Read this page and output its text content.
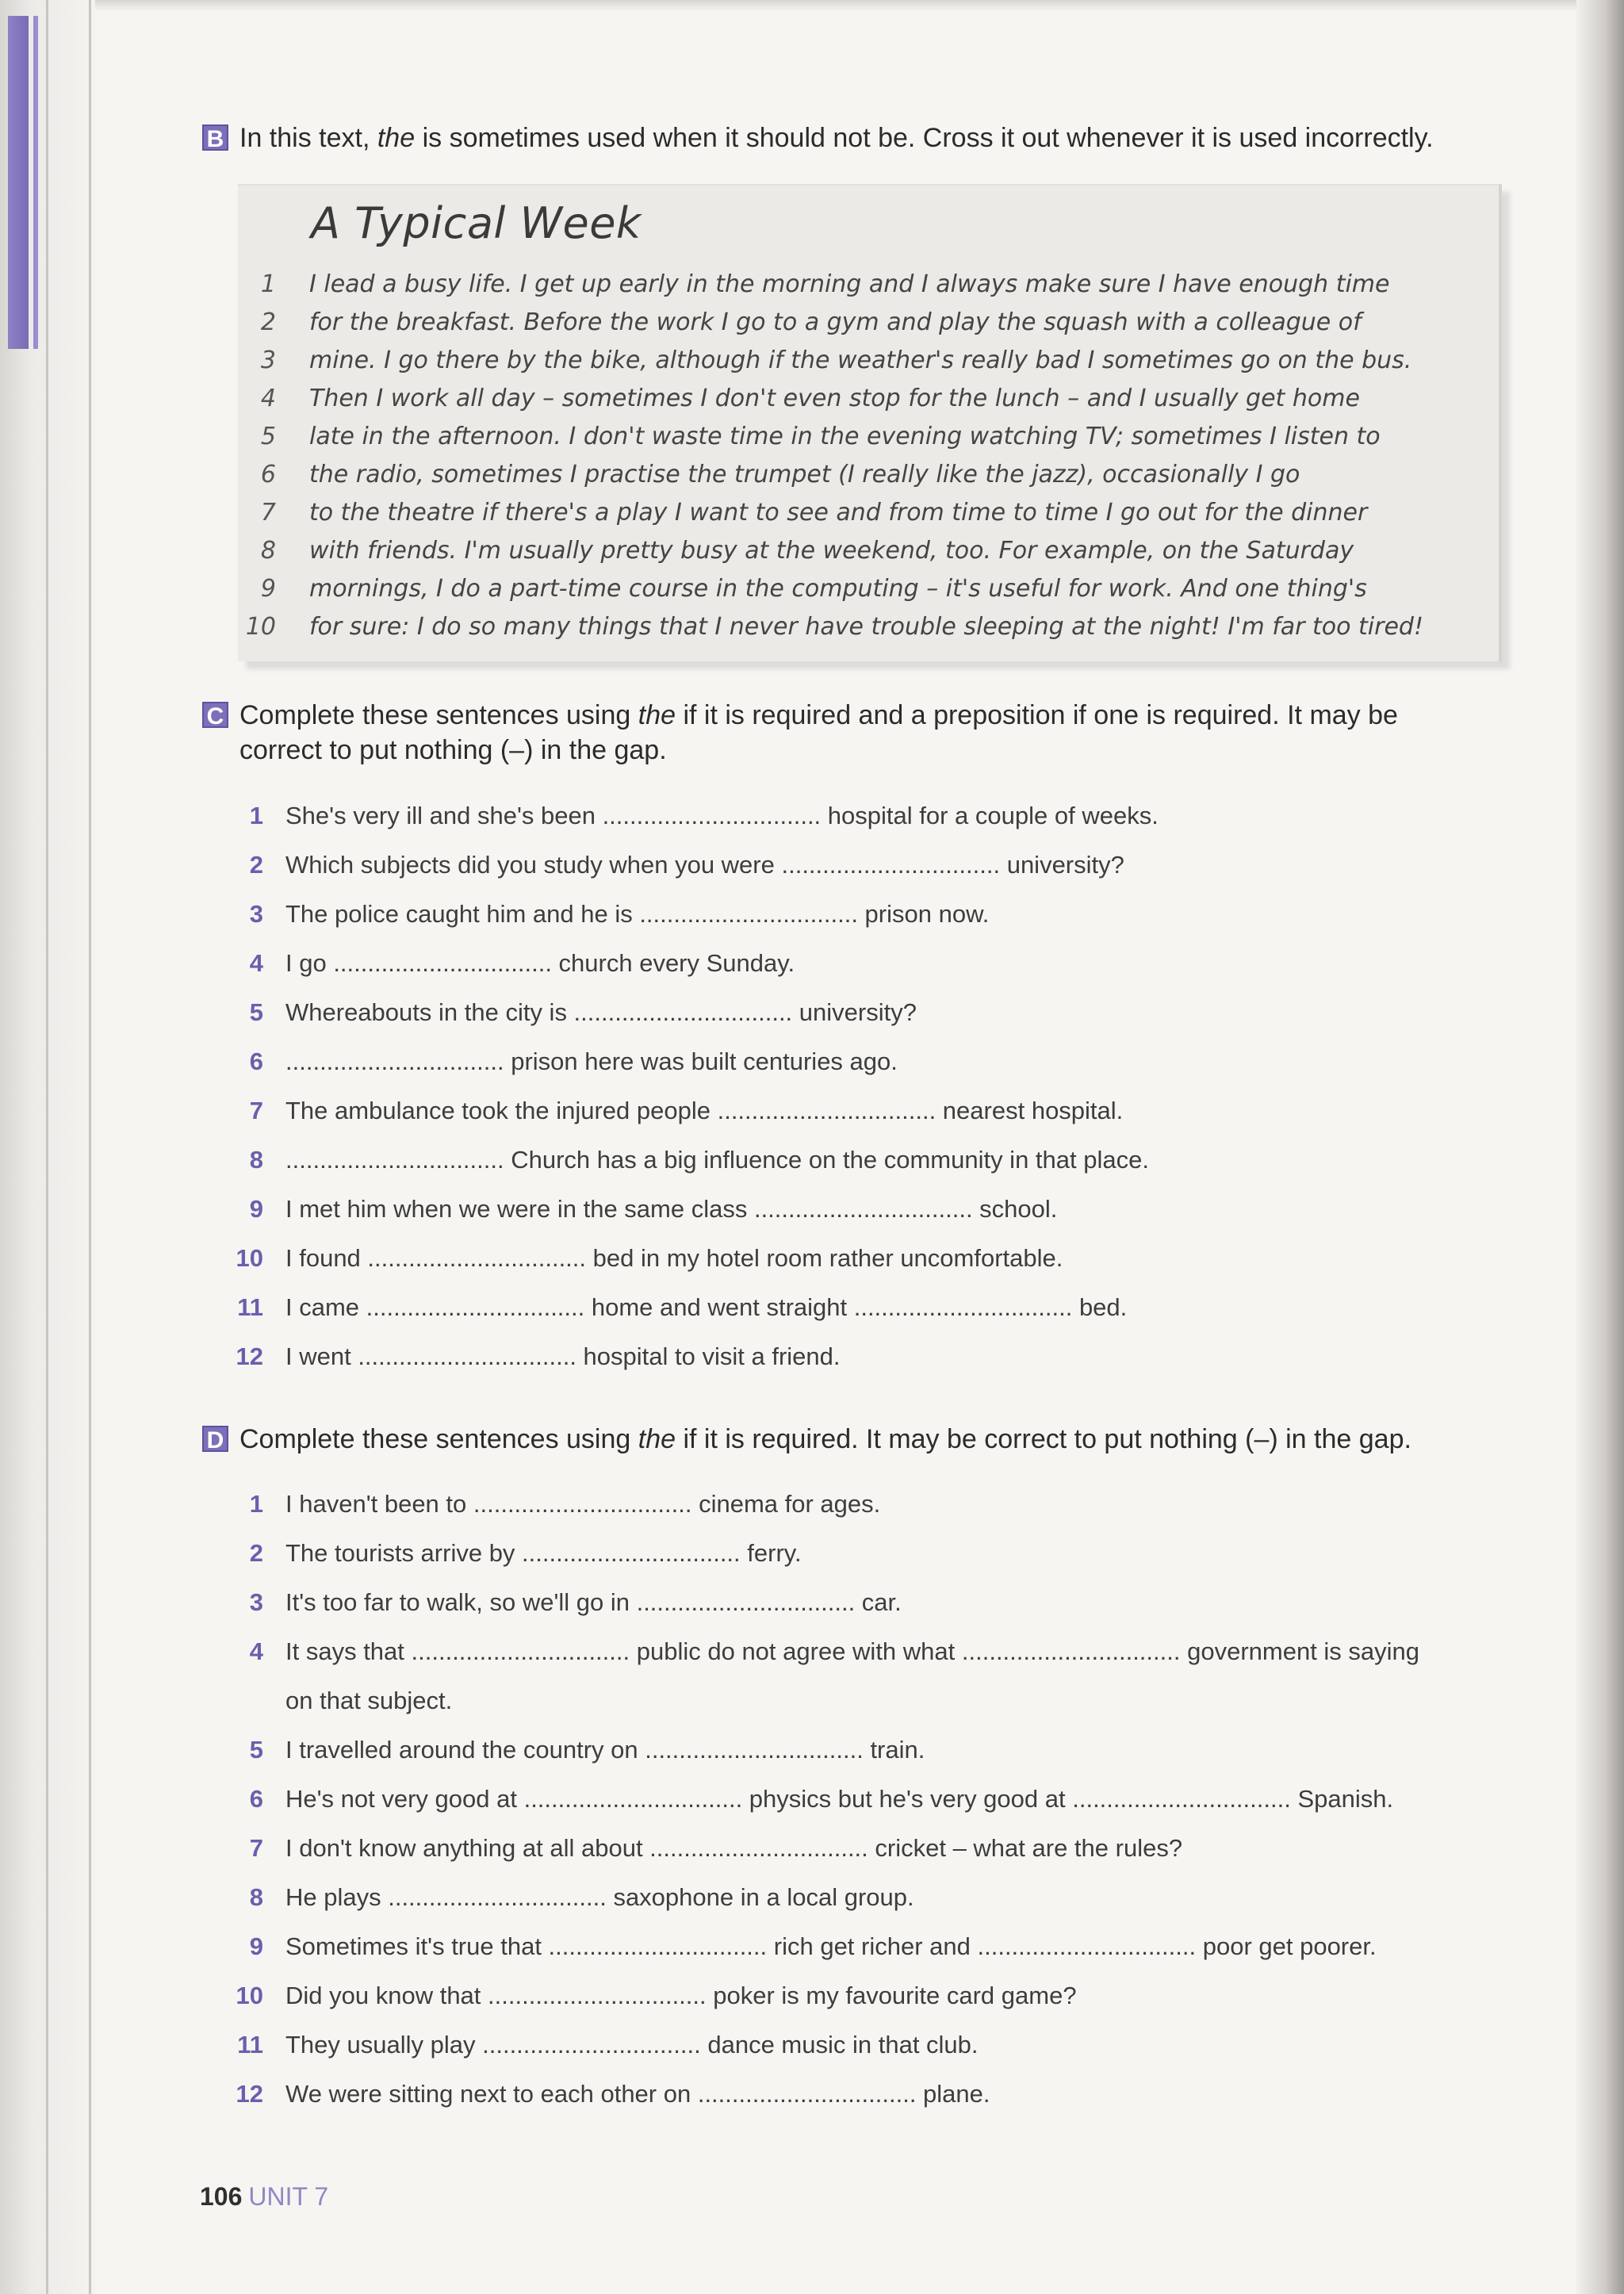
B In this text, the is sometimes used when it should not be. Cross it out whenever it is used incorrectly.
A Typical Week
1 I lead a busy life. I get up early in the morning and I always make sure I have enough time
2 for the breakfast. Before the work I go to a gym and play the squash with a colleague of
3 mine. I go there by the bike, although if the weather's really bad I sometimes go on the bus.
4 Then I work all day – sometimes I don't even stop for the lunch – and I usually get home
5 late in the afternoon. I don't waste time in the evening watching TV; sometimes I listen to
6 the radio, sometimes I practise the trumpet (I really like the jazz), occasionally I go
7 to the theatre if there's a play I want to see and from time to time I go out for the dinner
8 with friends. I'm usually pretty busy at the weekend, too. For example, on the Saturday
9 mornings, I do a part-time course in the computing – it's useful for work. And one thing's
10 for sure: I do so many things that I never have trouble sleeping at the night! I'm far too tired!
C Complete these sentences using the if it is required and a preposition if one is required. It may be
correct to put nothing (–) in the gap.
1 She's very ill and she's been ................................ hospital for a couple of weeks.
2 Which subjects did you study when you were ................................ university?
3 The police caught him and he is ................................ prison now.
4 I go ................................ church every Sunday.
5 Whereabouts in the city is ................................ university?
6 ................................ prison here was built centuries ago.
7 The ambulance took the injured people ................................ nearest hospital.
8 ................................ Church has a big influence on the community in that place.
9 I met him when we were in the same class ................................ school.
10 I found ................................ bed in my hotel room rather uncomfortable.
11 I came ................................ home and went straight ................................ bed.
12 I went ................................ hospital to visit a friend.
D Complete these sentences using the if it is required. It may be correct to put nothing (–) in the gap.
1 I haven't been to ................................ cinema for ages.
2 The tourists arrive by ................................ ferry.
3 It's too far to walk, so we'll go in ................................ car.
4 It says that ................................ public do not agree with what ................................ government is saying
on that subject.
5 I travelled around the country on ................................ train.
6 He's not very good at ................................ physics but he's very good at ................................ Spanish.
7 I don't know anything at all about ................................ cricket – what are the rules?
8 He plays ................................ saxophone in a local group.
9 Sometimes it's true that ................................ rich get richer and ................................ poor get poorer.
10 Did you know that ................................ poker is my favourite card game?
11 They usually play ................................ dance music in that club.
12 We were sitting next to each other on ................................ plane.
106 UNIT 7
